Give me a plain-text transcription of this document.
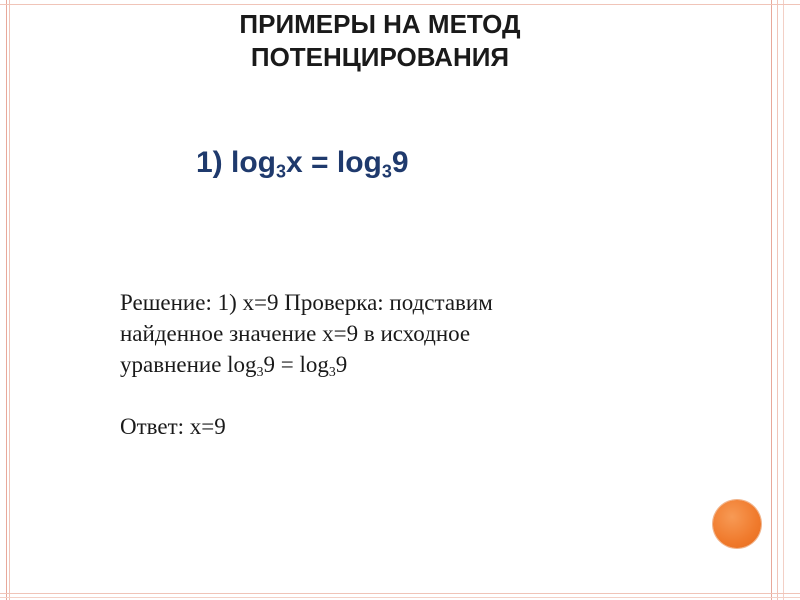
ПРИМЕРЫ НА МЕТОД
ПОТЕНЦИРОВАНИЯ
1) $\log_3x = \log_39$
Решение: 1) х=9 Проверка: подставим
найденное значение х=9 в исходное
уравнение $\log_39 = \log_39$
Ответ: х=9
